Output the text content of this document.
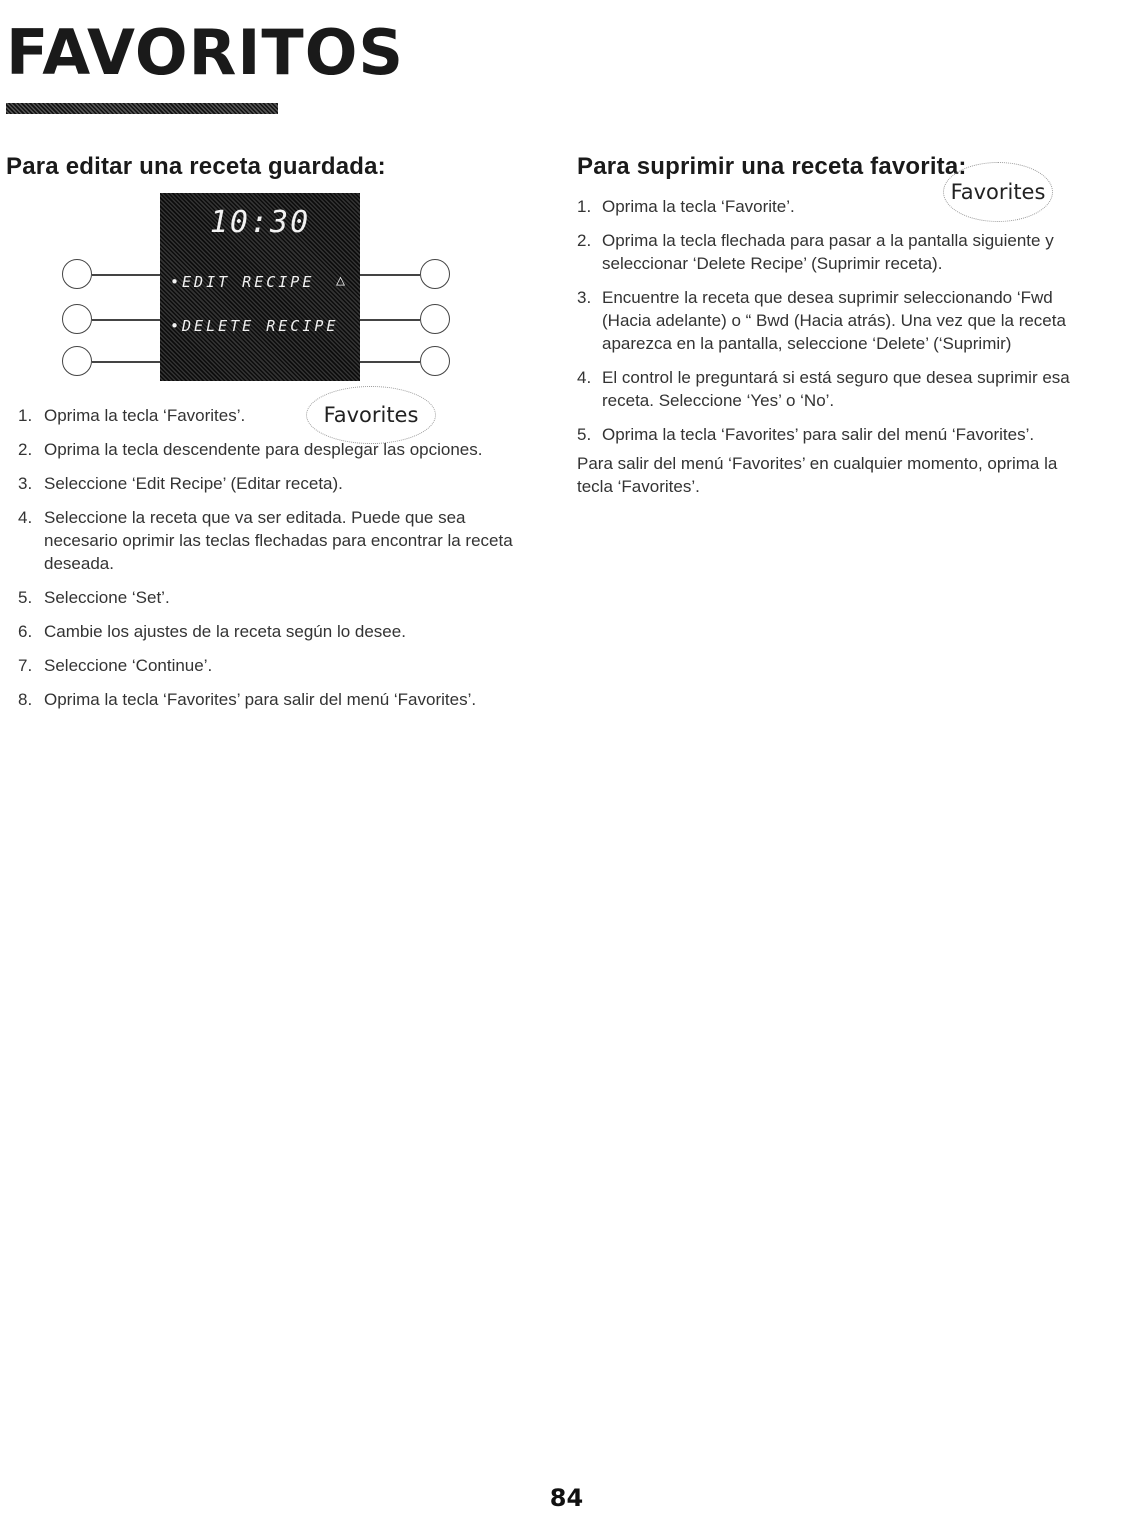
FAVORITOS
Para editar una receta guardada:
10:30
•EDIT RECIPE
•DELETE RECIPE
△
Favorites
1. Oprima la tecla ‘Favorites’.
2. Oprima la tecla descendente para desplegar las opciones.
3. Seleccione ‘Edit Recipe’ (Editar receta).
4. Seleccione la receta que va ser editada. Puede que sea necesario oprimir las teclas flechadas para encontrar la receta deseada.
5. Seleccione ‘Set’.
6. Cambie los ajustes de la receta según lo desee.
7. Seleccione ‘Continue’.
8. Oprima la tecla ‘Favorites’ para salir del menú ‘Favorites’.
Para suprimir una receta favorita:
Favorites
1. Oprima la tecla ‘Favorite’.
2. Oprima la tecla flechada para pasar a la pantalla siguiente y seleccionar ‘Delete Recipe’ (Suprimir receta).
3. Encuentre la receta que desea suprimir seleccionando ‘Fwd (Hacia adelante) o “ Bwd (Hacia atrás). Una vez que la receta aparezca en la pantalla, seleccione ‘Delete’ (‘Suprimir)
4. El control le preguntará si está seguro que desea suprimir esa receta. Seleccione ‘Yes’ o ‘No’.
5. Oprima la tecla ‘Favorites’ para salir del menú ‘Favorites’.

Para salir del menú ‘Favorites’ en cualquier momento, oprima la tecla ‘Favorites’.

84
